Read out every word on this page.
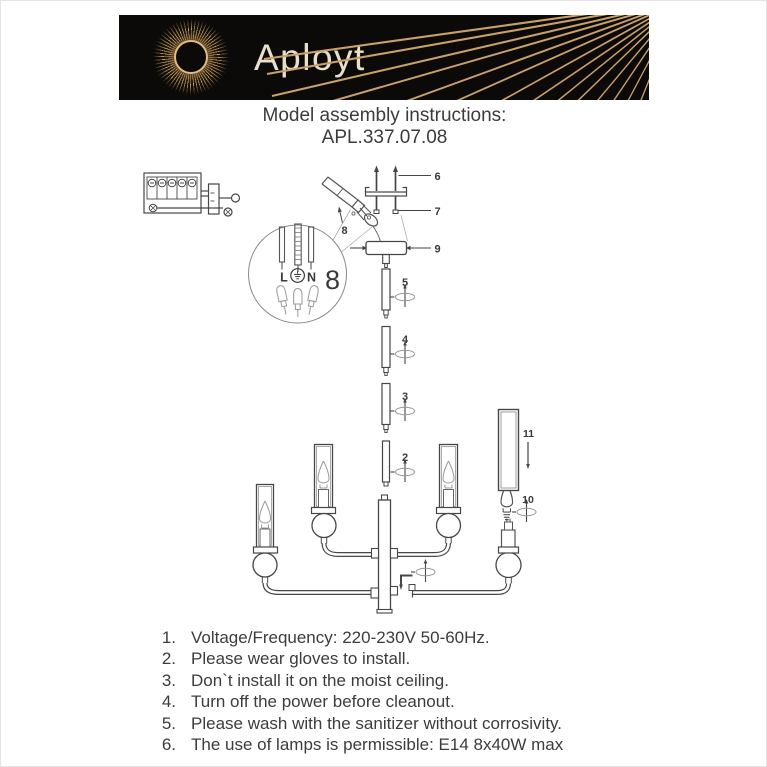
Aployt
Model assembly instructions:
APL.337.07.08
L N 8
6
7
9
8
5
4
3
2
11
10
1. Voltage/Frequency: 220-230V 50-60Hz.
2. Please wear gloves to install.
3. Don`t install it on the moist ceiling.
4. Turn off the power before cleanout.
5. Please wash with the sanitizer without corrosivity.
6. The use of lamps is permissible: E14 8x40W max
